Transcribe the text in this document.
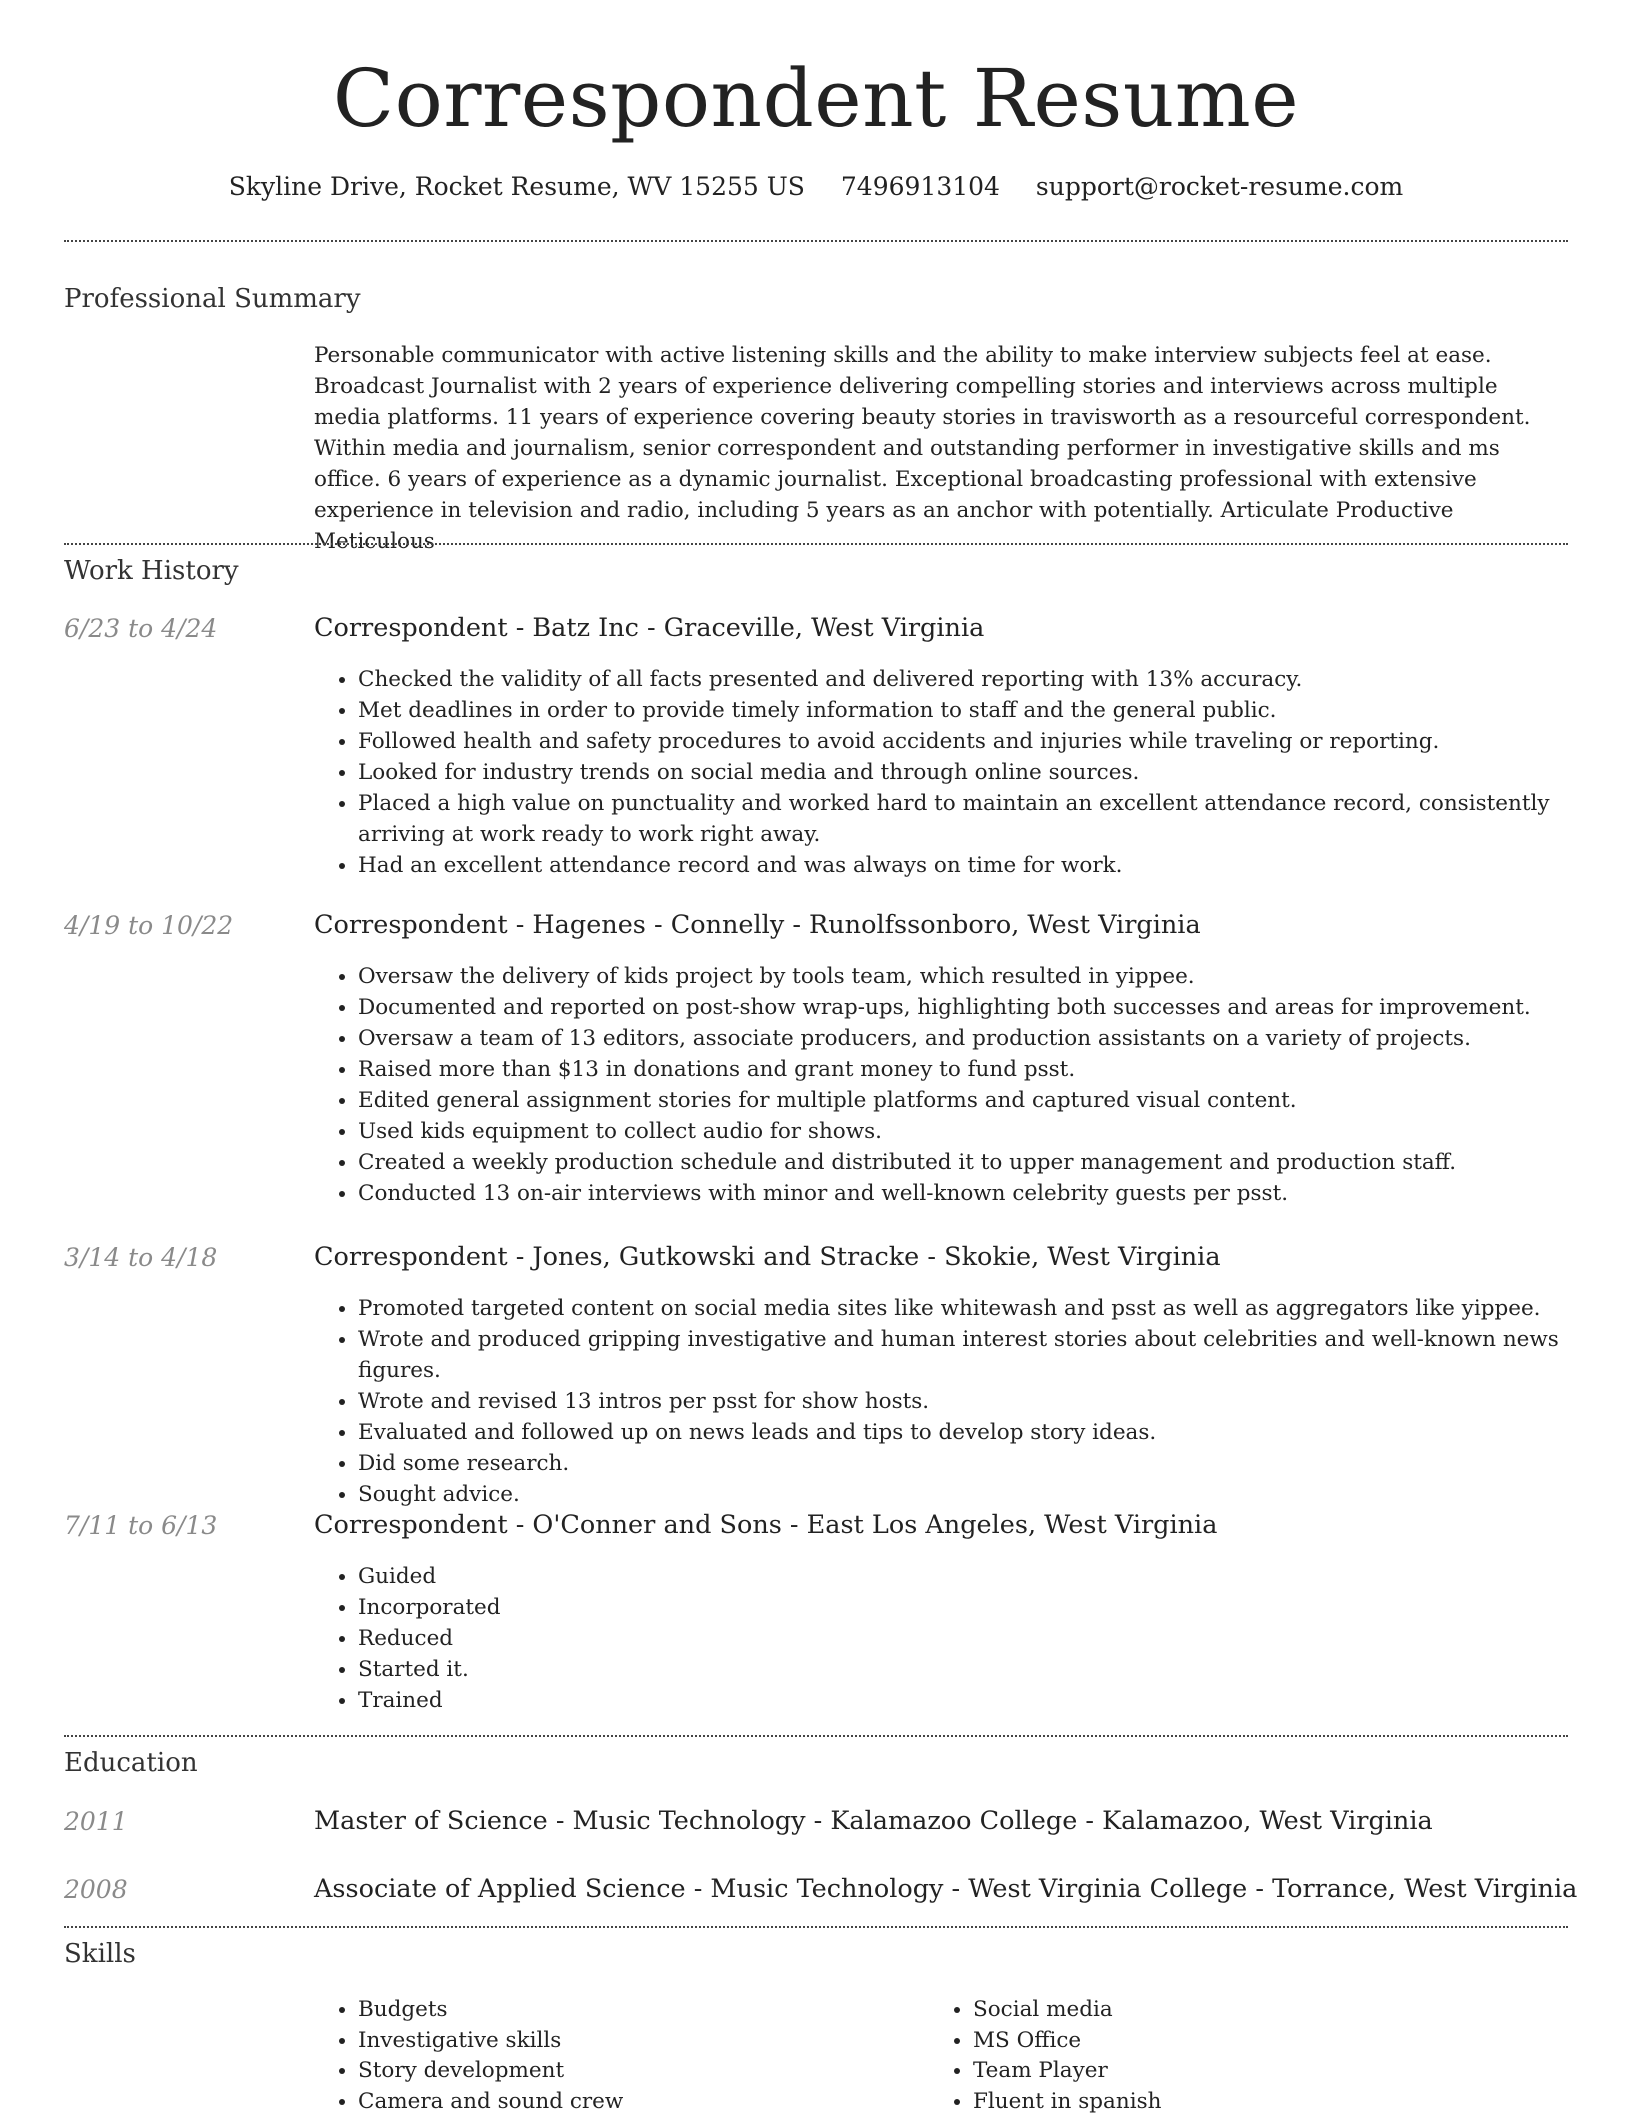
Correspondent Resume
Skyline Drive, Rocket Resume, WV 15255 US 7496913104 support@rocket-resume.com
Professional Summary

Personable communicator with active listening skills and the ability to make interview subjects feel at ease. Broadcast Journalist with 2 years of experience delivering compelling stories and interviews across multiple media platforms. 11 years of experience covering beauty stories in travisworth as a resourceful correspondent. Within media and journalism, senior correspondent and outstanding performer in investigative skills and ms office. 6 years of experience as a dynamic journalist. Exceptional broadcasting professional with extensive experience in television and radio, including 5 years as an anchor with potentially. Articulate Productive Meticulous

Work History
6/23 to 4/24	Correspondent - Batz Inc - Graceville, West Virginia
• Checked the validity of all facts presented and delivered reporting with 13% accuracy.
• Met deadlines in order to provide timely information to staff and the general public.
• Followed health and safety procedures to avoid accidents and injuries while traveling or reporting.
• Looked for industry trends on social media and through online sources.
• Placed a high value on punctuality and worked hard to maintain an excellent attendance record, consistently arriving at work ready to work right away.
• Had an excellent attendance record and was always on time for work.
4/19 to 10/22	Correspondent - Hagenes - Connelly - Runolfssonboro, West Virginia
• Oversaw the delivery of kids project by tools team, which resulted in yippee.
• Documented and reported on post-show wrap-ups, highlighting both successes and areas for improvement.
• Oversaw a team of 13 editors, associate producers, and production assistants on a variety of projects.
• Raised more than $13 in donations and grant money to fund psst.
• Edited general assignment stories for multiple platforms and captured visual content.
• Used kids equipment to collect audio for shows.
• Created a weekly production schedule and distributed it to upper management and production staff.
• Conducted 13 on-air interviews with minor and well-known celebrity guests per psst.
3/14 to 4/18	Correspondent - Jones, Gutkowski and Stracke - Skokie, West Virginia
• Promoted targeted content on social media sites like whitewash and psst as well as aggregators like yippee.
• Wrote and produced gripping investigative and human interest stories about celebrities and well-known news figures.
• Wrote and revised 13 intros per psst for show hosts.
• Evaluated and followed up on news leads and tips to develop story ideas.
• Did some research.
• Sought advice.
7/11 to 6/13	Correspondent - O'Conner and Sons - East Los Angeles, West Virginia
• Guided
• Incorporated
• Reduced
• Started it.
• Trained
Education
2011	Master of Science - Music Technology - Kalamazoo College - Kalamazoo, West Virginia
2008	Associate of Applied Science - Music Technology - West Virginia College - Torrance, West Virginia
Skills
• Budgets
• Investigative skills
• Story development
• Camera and sound crew
• Social media
• MS Office
• Team Player
• Fluent in spanish
